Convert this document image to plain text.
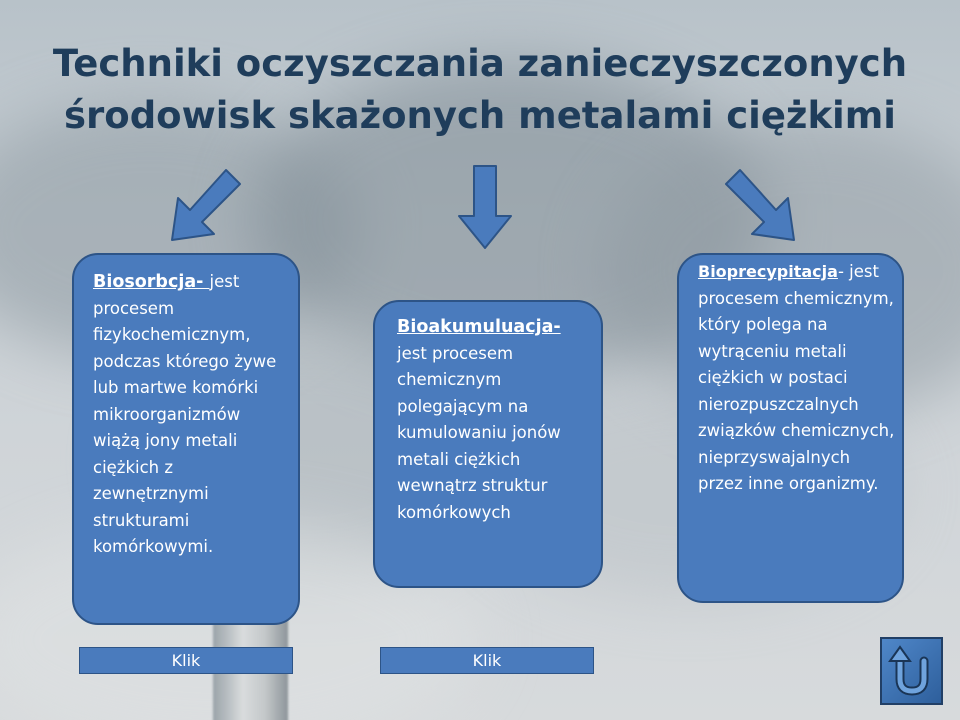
Techniki oczyszczania zanieczyszczonych
środowisk skażonych metalami ciężkimi
Biosorbcja- jest procesem fizykochemicznym, podczas którego żywe lub martwe komórki mikroorganizmów wiążą jony metali ciężkich z zewnętrznymi strukturami komórkowymi.
Bioakumuluacja- jest procesem chemicznym polegającym na kumulowaniu jonów metali ciężkich wewnątrz struktur komórkowych
Bioprecypitacja- jest procesem chemicznym, który polega na wytrąceniu metali ciężkich w postaci nierozpuszczalnych związków chemicznych, nieprzyswajalnych przez inne organizmy.
Klik	Klik
